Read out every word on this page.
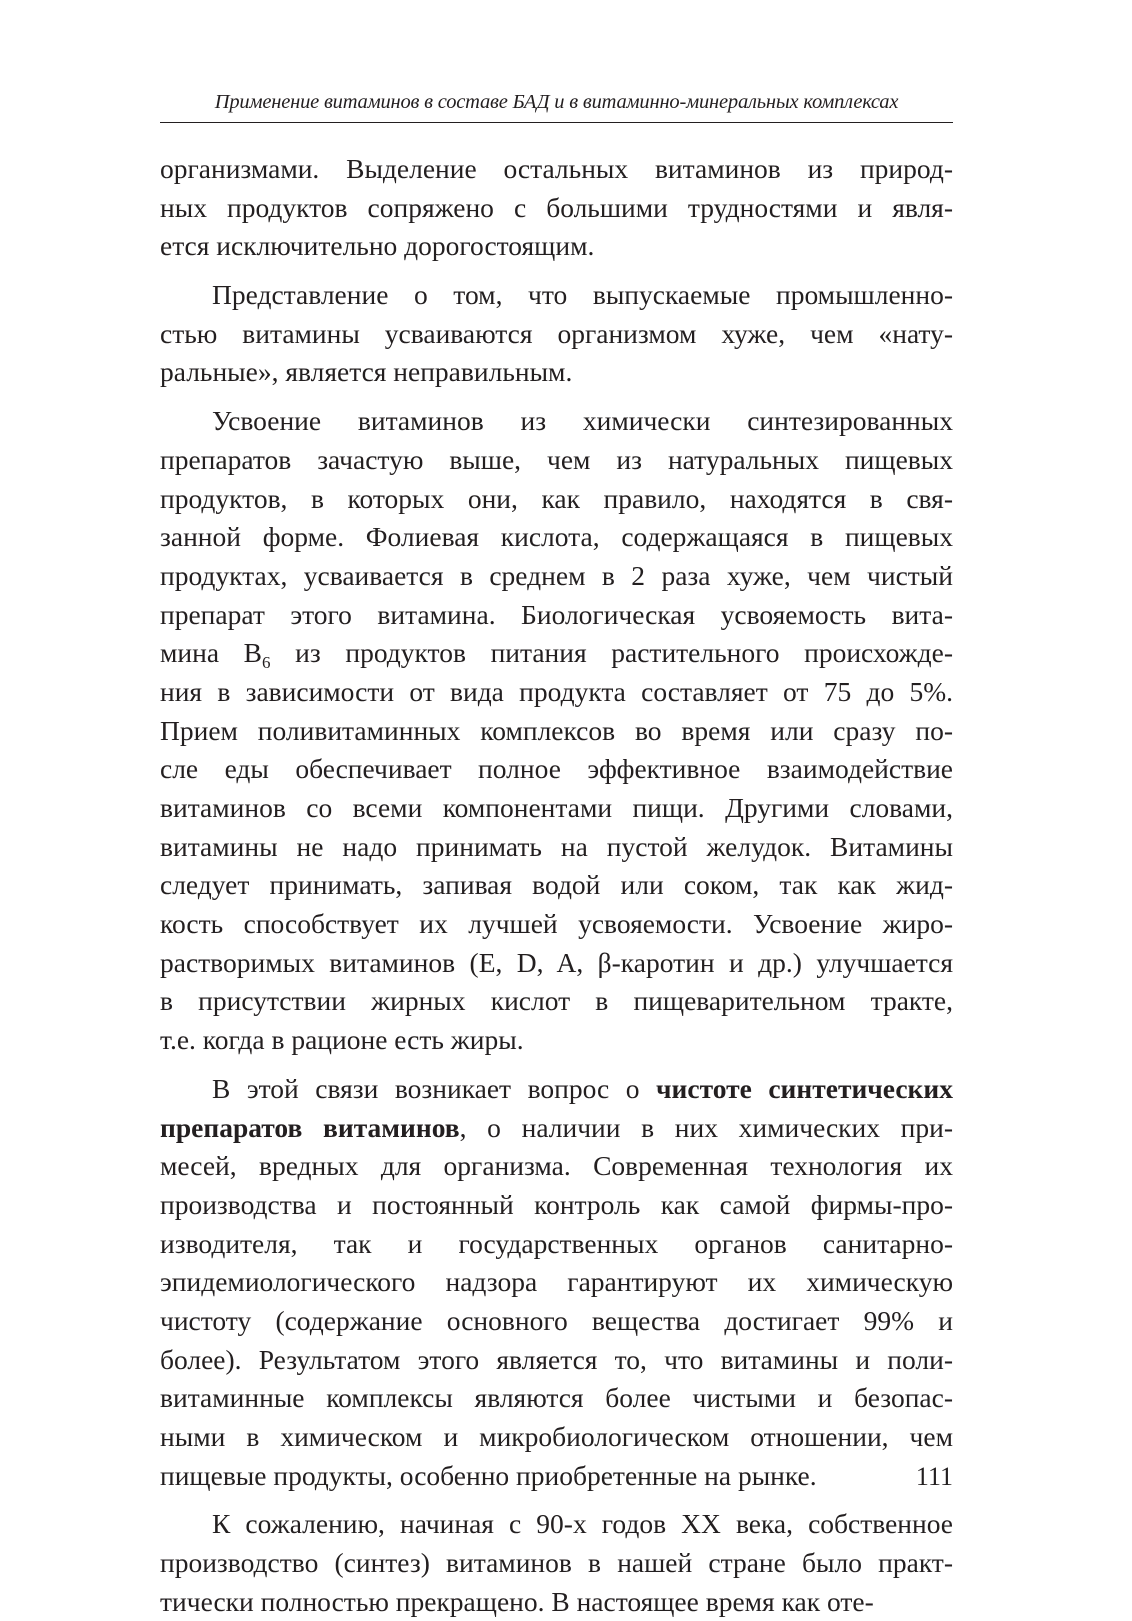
Применение витаминов в составе БАД и в витаминно-минеральных комплексах
организмами. Выделение остальных витаминов из природ-
ных продуктов сопряжено с большими трудностями и явля-
ется исключительно дорогостоящим.
Представление о том, что выпускаемые промышленно-
стью витамины усваиваются организмом хуже, чем «нату-
ральные», является неправильным.
Усвоение витаминов из химически синтезированных
препаратов зачастую выше, чем из натуральных пищевых
продуктов, в которых они, как правило, находятся в свя-
занной форме. Фолиевая кислота, содержащаяся в пищевых
продуктах, усваивается в среднем в 2 раза хуже, чем чистый
препарат этого витамина. Биологическая усвояемость вита-
мина $В_6$ из продуктов питания растительного происхожде-
ния в зависимости от вида продукта составляет от 75 до 5%.
Прием поливитаминных комплексов во время или сразу по-
сле еды обеспечивает полное эффективное взаимодействие
витаминов со всеми компонентами пищи. Другими словами,
витамины не надо принимать на пустой желудок. Витамины
следует принимать, запивая водой или соком, так как жид-
кость способствует их лучшей усвояемости. Усвоение жиро-
растворимых витаминов (E, D, A, β-каротин и др.) улучшается
в присутствии жирных кислот в пищеварительном тракте,
т.е. когда в рационе есть жиры.
В этой связи возникает вопрос о чистоте синтетических
препаратов витаминов, о наличии в них химических при-
месей, вредных для организма. Современная технология их
производства и постоянный контроль как самой фирмы-про-
изводителя, так и государственных органов санитарно-
эпидемиологического надзора гарантируют их химическую
чистоту (содержание основного вещества достигает 99% и
более). Результатом этого является то, что витамины и поли-
витаминные комплексы являются более чистыми и безопас-
ными в химическом и микробиологическом отношении, чем
пищевые продукты, особенно приобретенные на рынке.
К сожалению, начиная с 90-х годов XX века, собственное
производство (синтез) витаминов в нашей стране было практ-
тически полностью прекращено. В настоящее время как оте-
111
